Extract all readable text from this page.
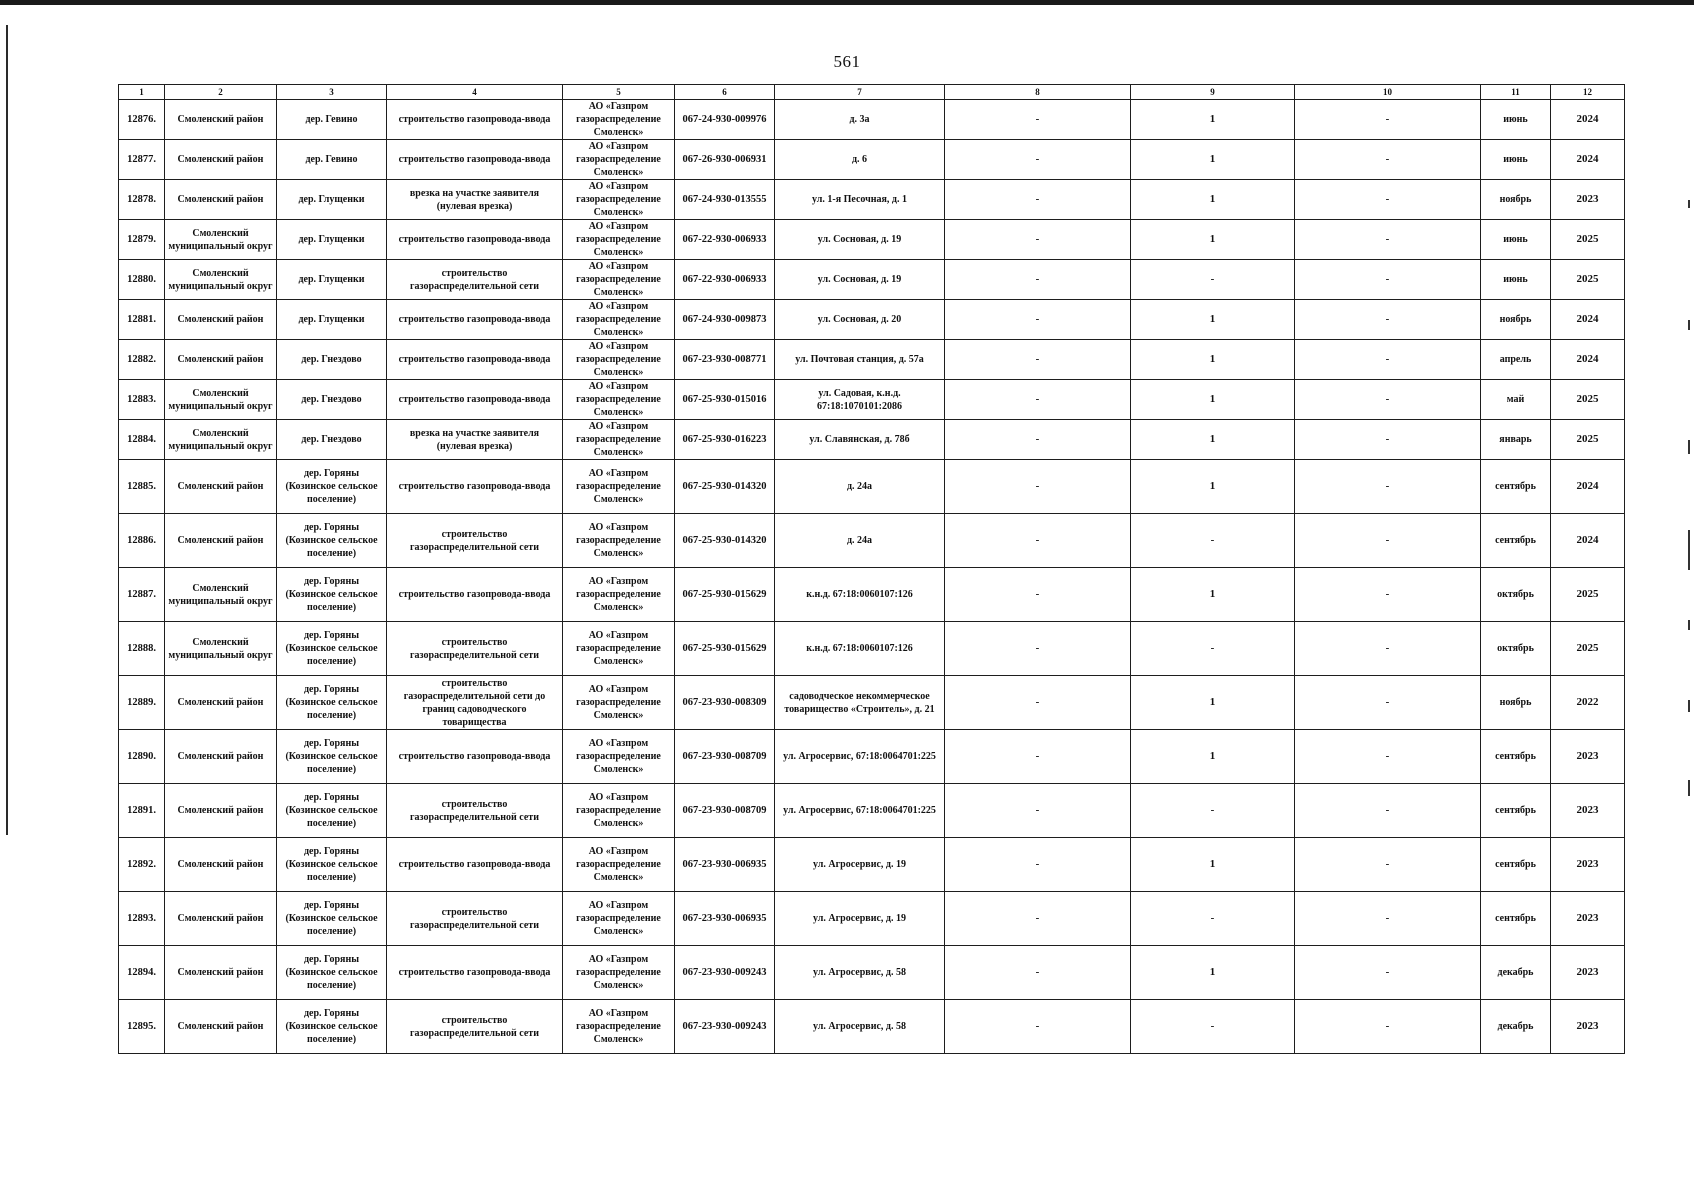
561
1	2	3	4	5	6	7	8	9	10	11	12
12876.	Смоленский район	дер. Гевино	строительство газопровода-ввода	АО «Газпром газораспределение Смоленск»	067-24-930-009976	д. 3а	-	1	-	июнь	2024
12877.	Смоленский район	дер. Гевино	строительство газопровода-ввода	АО «Газпром газораспределение Смоленск»	067-26-930-006931	д. 6	-	1	-	июнь	2024
12878.	Смоленский район	дер. Глущенки	врезка на участке заявителя (нулевая врезка)	АО «Газпром газораспределение Смоленск»	067-24-930-013555	ул. 1-я Песочная, д. 1	-	1	-	ноябрь	2023
12879.	Смоленский муниципальный округ	дер. Глущенки	строительство газопровода-ввода	АО «Газпром газораспределение Смоленск»	067-22-930-006933	ул. Сосновая, д. 19	-	1	-	июнь	2025
12880.	Смоленский муниципальный округ	дер. Глущенки	строительство газораспределительной сети	АО «Газпром газораспределение Смоленск»	067-22-930-006933	ул. Сосновая, д. 19	-	-	-	июнь	2025
12881.	Смоленский район	дер. Глущенки	строительство газопровода-ввода	АО «Газпром газораспределение Смоленск»	067-24-930-009873	ул. Сосновая, д. 20	-	1	-	ноябрь	2024
12882.	Смоленский район	дер. Гнездово	строительство газопровода-ввода	АО «Газпром газораспределение Смоленск»	067-23-930-008771	ул. Почтовая станция, д. 57а	-	1	-	апрель	2024
12883.	Смоленский муниципальный округ	дер. Гнездово	строительство газопровода-ввода	АО «Газпром газораспределение Смоленск»	067-25-930-015016	ул. Садовая, к.н.д. 67:18:1070101:2086	-	1	-	май	2025
12884.	Смоленский муниципальный округ	дер. Гнездово	врезка на участке заявителя (нулевая врезка)	АО «Газпром газораспределение Смоленск»	067-25-930-016223	ул. Славянская, д. 78б	-	1	-	январь	2025
12885.	Смоленский район	дер. Горяны (Козинское сельское поселение)	строительство газопровода-ввода	АО «Газпром газораспределение Смоленск»	067-25-930-014320	д. 24а	-	1	-	сентябрь	2024
12886.	Смоленский район	дер. Горяны (Козинское сельское поселение)	строительство газораспределительной сети	АО «Газпром газораспределение Смоленск»	067-25-930-014320	д. 24а	-	-	-	сентябрь	2024
12887.	Смоленский муниципальный округ	дер. Горяны (Козинское сельское поселение)	строительство газопровода-ввода	АО «Газпром газораспределение Смоленск»	067-25-930-015629	к.н.д. 67:18:0060107:126	-	1	-	октябрь	2025
12888.	Смоленский муниципальный округ	дер. Горяны (Козинское сельское поселение)	строительство газораспределительной сети	АО «Газпром газораспределение Смоленск»	067-25-930-015629	к.н.д. 67:18:0060107:126	-	-	-	октябрь	2025
12889.	Смоленский район	дер. Горяны (Козинское сельское поселение)	строительство газораспределительной сети до границ садоводческого товарищества	АО «Газпром газораспределение Смоленск»	067-23-930-008309	садоводческое некоммерческое товарищество «Строитель», д. 21	-	1	-	ноябрь	2022
12890.	Смоленский район	дер. Горяны (Козинское сельское поселение)	строительство газопровода-ввода	АО «Газпром газораспределение Смоленск»	067-23-930-008709	ул. Агросервис, 67:18:0064701:225	-	1	-	сентябрь	2023
12891.	Смоленский район	дер. Горяны (Козинское сельское поселение)	строительство газораспределительной сети	АО «Газпром газораспределение Смоленск»	067-23-930-008709	ул. Агросервис, 67:18:0064701:225	-	-	-	сентябрь	2023
12892.	Смоленский район	дер. Горяны (Козинское сельское поселение)	строительство газопровода-ввода	АО «Газпром газораспределение Смоленск»	067-23-930-006935	ул. Агросервис, д. 19	-	1	-	сентябрь	2023
12893.	Смоленский район	дер. Горяны (Козинское сельское поселение)	строительство газораспределительной сети	АО «Газпром газораспределение Смоленск»	067-23-930-006935	ул. Агросервис, д. 19	-	-	-	сентябрь	2023
12894.	Смоленский район	дер. Горяны (Козинское сельское поселение)	строительство газопровода-ввода	АО «Газпром газораспределение Смоленск»	067-23-930-009243	ул. Агросервис, д. 58	-	1	-	декабрь	2023
12895.	Смоленский район	дер. Горяны (Козинское сельское поселение)	строительство газораспределительной сети	АО «Газпром газораспределение Смоленск»	067-23-930-009243	ул. Агросервис, д. 58	-	-	-	декабрь	2023
